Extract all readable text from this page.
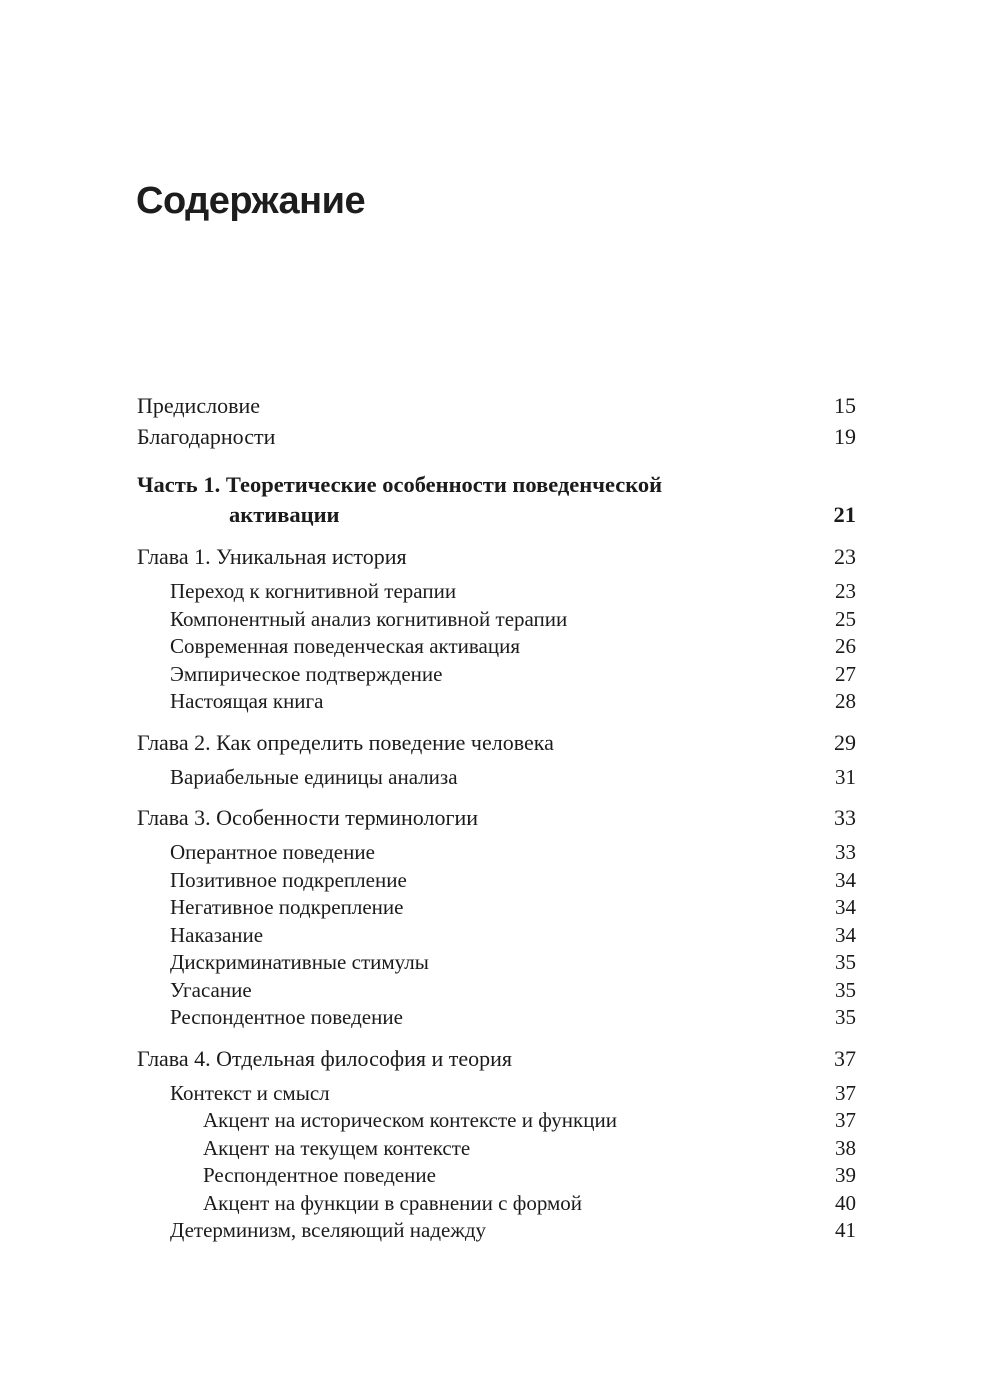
Содержание
Предисловие	15
Благодарности	19
Часть 1. Теоретические особенности поведенческой
активации	21
Глава 1. Уникальная история	23
Переход к когнитивной терапии	23
Компонентный анализ когнитивной терапии	25
Современная поведенческая активация	26
Эмпирическое подтверждение	27
Настоящая книга	28
Глава 2. Как определить поведение человека	29
Вариабельные единицы анализа	31
Глава 3. Особенности терминологии	33
Оперантное поведение	33
Позитивное подкрепление	34
Негативное подкрепление	34
Наказание	34
Дискриминативные стимулы	35
Угасание	35
Респондентное поведение	35
Глава 4. Отдельная философия и теория	37
Контекст и смысл	37
Акцент на историческом контексте и функции	37
Акцент на текущем контексте	38
Респондентное поведение	39
Акцент на функции в сравнении с формой	40
Детерминизм, вселяющий надежду	41
